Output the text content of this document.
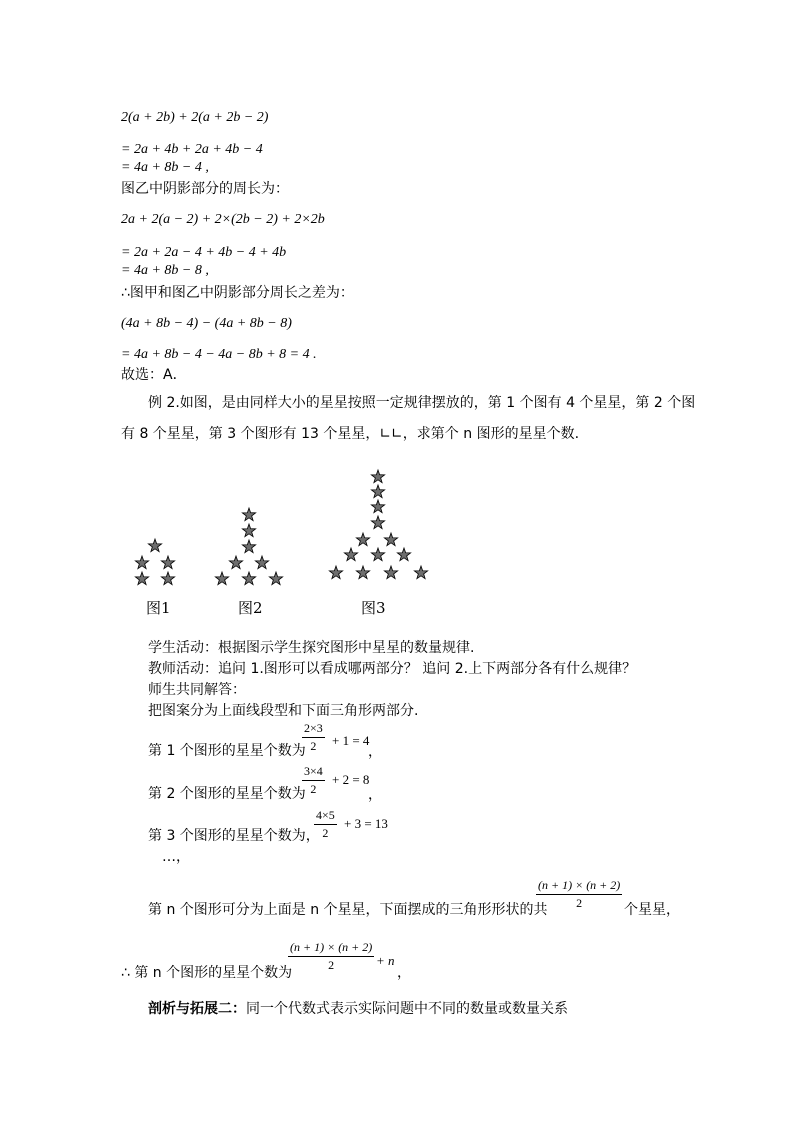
2(a + 2b) + 2(a + 2b − 2)
= 2a + 4b + 2a + 4b − 4
= 4a + 8b − 4 ,
图乙中阴影部分的周长为：
2a + 2(a − 2) + 2×(2b − 2) + 2×2b
= 2a + 2a − 4 + 4b − 4 + 4b
= 4a + 8b − 8 ,
∴图甲和图乙中阴影部分周长之差为：
(4a + 8b − 4) − (4a + 8b − 8)
= 4a + 8b − 4 − 4a − 8b + 8 = 4 .
故选：A．
例 2.如图，是由同样大小的星星按照一定规律摆放的，第 1 个图有 4 个星星，第 2 个图
有 8 个星星，第 3 个图形有 13 个星星，∟∟，求第个 n 图形的星星个数.
图1	图2	图3
学生活动：根据图示学生探究图形中星星的数量规律.
教师活动：追问 1.图形可以看成哪两部分？ 追问 2.上下两部分各有什么规律？
师生共同解答：
把图案分为上面线段型和下面三角形两部分.
第 1 个图形的星星个数为
$\frac{2\times 3}{2} + 1 = 4$
，
第 2 个图形的星星个数为
$\frac{3\times 4}{2} + 2 = 8$
，
第 3 个图形的星星个数为，
$\frac{4\times 5}{2} + 3 = 13$
…，
第 n 个图形可分为上面是 n 个星星，下面摆成的三角形形状的共
$\frac{(n + 1) \times (n + 2)}{2}$ 个星星，
∴ 第 n 个图形的星星个数为
$\frac{(n + 1) \times (n + 2)}{2} + n$
，
剖析与拓展二：同一个代数式表示实际问题中不同的数量或数量关系
